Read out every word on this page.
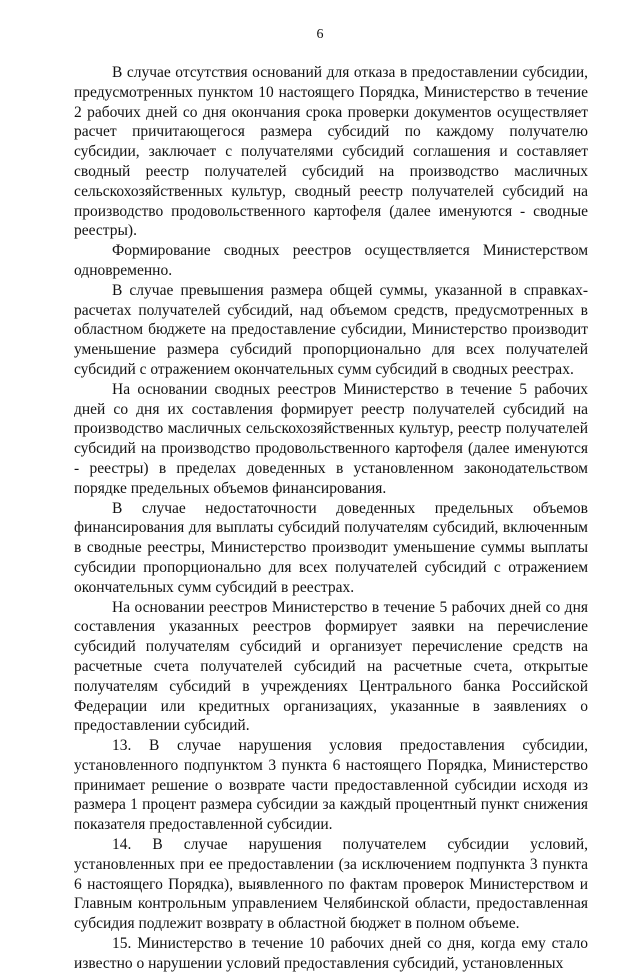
6

В случае отсутствия оснований для отказа в предоставлении субсидии, предусмотренных пунктом 10 настоящего Порядка, Министерство в течение 2 рабочих дней со дня окончания срока проверки документов осуществляет расчет причитающегося размера субсидий по каждому получателю субсидии, заключает с получателями субсидий соглашения и составляет сводный реестр получателей субсидий на производство масличных сельскохозяйственных культур, сводный реестр получателей субсидий на производство продовольственного картофеля (далее именуются - сводные реестры).

Формирование сводных реестров осуществляется Министерством одновременно.

В случае превышения размера общей суммы, указанной в справках-расчетах получателей субсидий, над объемом средств, предусмотренных в областном бюджете на предоставление субсидии, Министерство производит уменьшение размера субсидий пропорционально для всех получателей субсидий с отражением окончательных сумм субсидий в сводных реестрах.

На основании сводных реестров Министерство в течение 5 рабочих дней со дня их составления формирует реестр получателей субсидий на производство масличных сельскохозяйственных культур, реестр получателей субсидий на производство продовольственного картофеля (далее именуются - реестры) в пределах доведенных в установленном законодательством порядке предельных объемов финансирования.

В случае недостаточности доведенных предельных объемов финансирования для выплаты субсидий получателям субсидий, включенным в сводные реестры, Министерство производит уменьшение суммы выплаты субсидии пропорционально для всех получателей субсидий с отражением окончательных сумм субсидий в реестрах.

На основании реестров Министерство в течение 5 рабочих дней со дня составления указанных реестров формирует заявки на перечисление субсидий получателям субсидий и организует перечисление средств на расчетные счета получателей субсидий на расчетные счета, открытые получателям субсидий в учреждениях Центрального банка Российской Федерации или кредитных организациях, указанные в заявлениях о предоставлении субсидий.

13. В случае нарушения условия предоставления субсидии, установленного подпунктом 3 пункта 6 настоящего Порядка, Министерство принимает решение о возврате части предоставленной субсидии исходя из размера 1 процент размера субсидии за каждый процентный пункт снижения показателя предоставленной субсидии.

14. В случае нарушения получателем субсидии условий, установленных при ее предоставлении (за исключением подпункта 3 пункта 6 настоящего Порядка), выявленного по фактам проверок Министерством и Главным контрольным управлением Челябинской области, предоставленная субсидия подлежит возврату в областной бюджет в полном объеме.

15. Министерство в течение 10 рабочих дней со дня, когда ему стало известно о нарушении условий предоставления субсидий, установленных
